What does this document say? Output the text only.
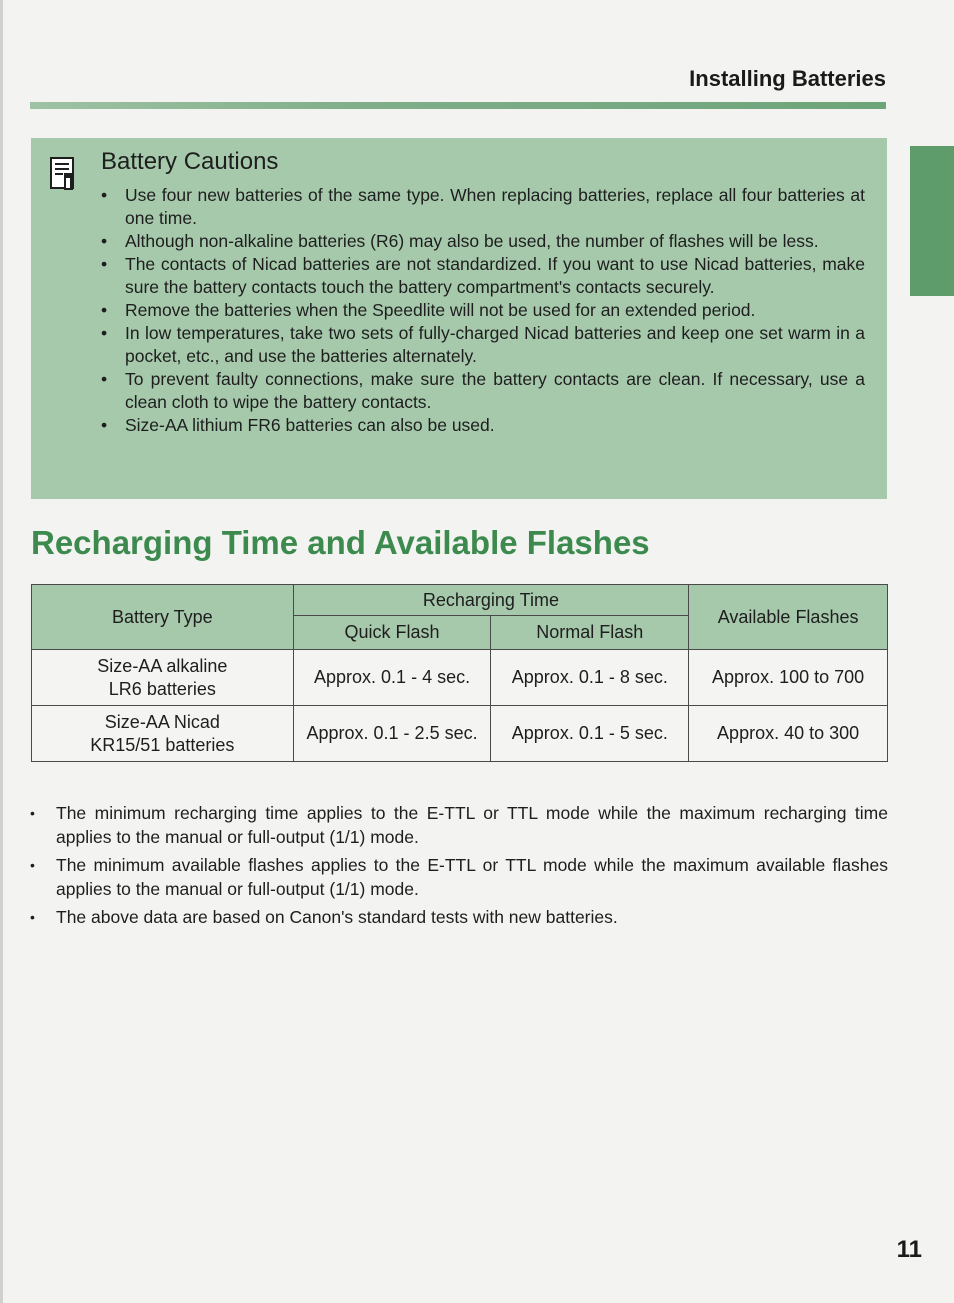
Installing Batteries
Battery Cautions
• Use four new batteries of the same type. When replacing batteries, replace all four batteries at one time.
• Although non-alkaline batteries (R6) may also be used, the number of flashes will be less.
• The contacts of Nicad batteries are not standardized. If you want to use Nicad batteries, make sure the battery contacts touch the battery compartment's contacts securely.
• Remove the batteries when the Speedlite will not be used for an extended period.
• In low temperatures, take two sets of fully-charged Nicad batteries and keep one set warm in a pocket, etc., and use the batteries alternately.
• To prevent faulty connections, make sure the battery contacts are clean. If necessary, use a clean cloth to wipe the battery contacts.
• Size-AA lithium FR6 batteries can also be used.
Recharging Time and Available Flashes
Battery Type	Recharging Time		Available Flashes
	Quick Flash	Normal Flash	
Size-AA alkaline
LR6 batteries	Approx. 0.1 - 4 sec.	Approx. 0.1 - 8 sec.	Approx. 100 to 700
Size-AA Nicad
KR15/51 batteries	Approx. 0.1 - 2.5 sec.	Approx. 0.1 - 5 sec.	Approx. 40 to 300
• The minimum recharging time applies to the E-TTL or TTL mode while the maximum recharging time applies to the manual or full-output (1/1) mode.
• The minimum available flashes applies to the E-TTL or TTL mode while the maximum available flashes applies to the manual or full-output (1/1) mode.
• The above data are based on Canon's standard tests with new batteries.
11
